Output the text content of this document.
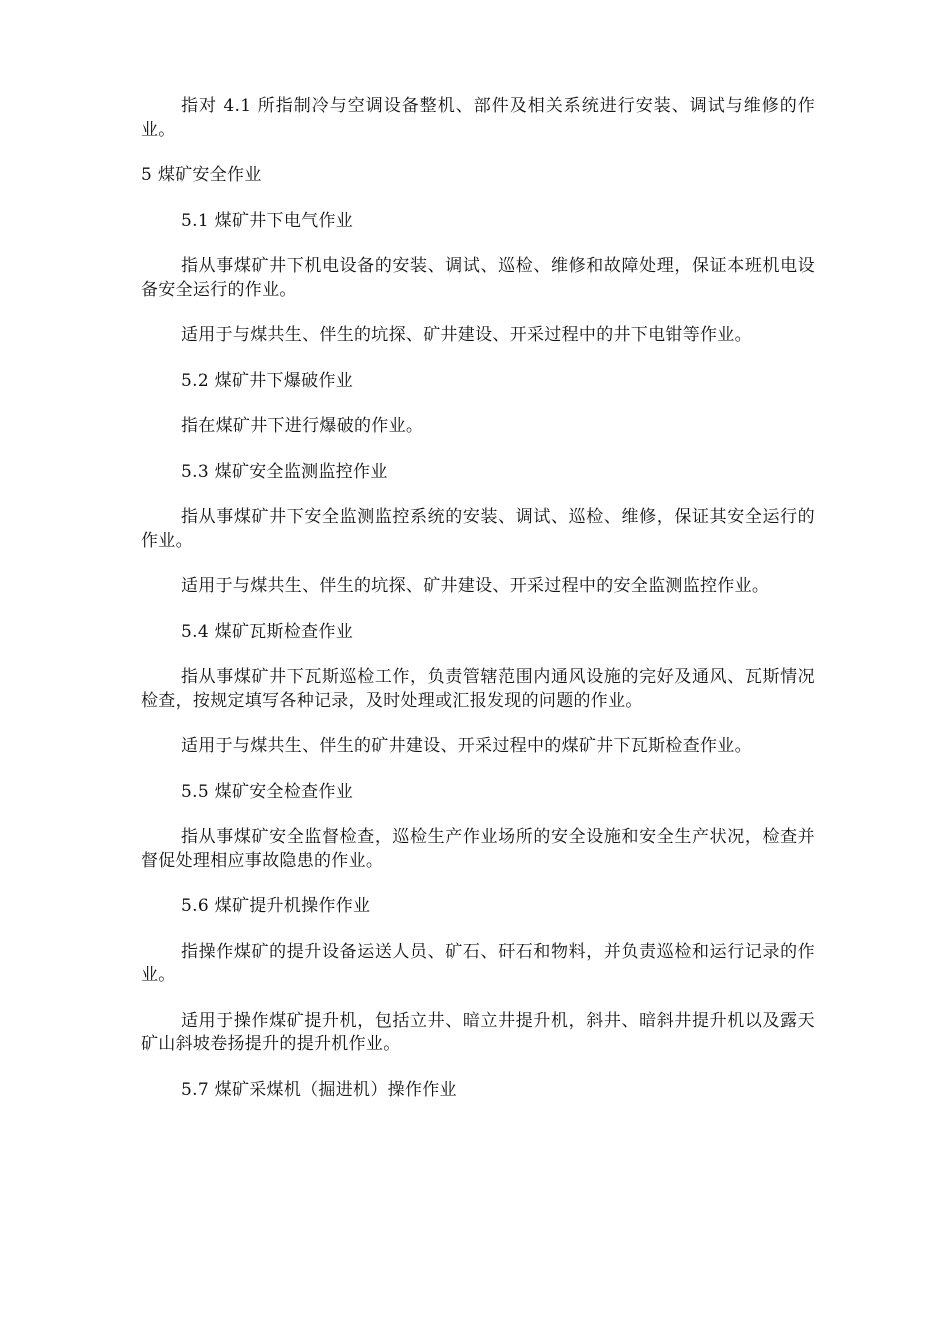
指对 4.1 所指制冷与空调设备整机、部件及相关系统进行安装、调试与维修的作业。

5 煤矿安全作业

5.1 煤矿井下电气作业

指从事煤矿井下机电设备的安装、调试、巡检、维修和故障处理，保证本班机电设备安全运行的作业。

适用于与煤共生、伴生的坑探、矿井建设、开采过程中的井下电钳等作业。

5.2 煤矿井下爆破作业

指在煤矿井下进行爆破的作业。

5.3 煤矿安全监测监控作业

指从事煤矿井下安全监测监控系统的安装、调试、巡检、维修，保证其安全运行的作业。

适用于与煤共生、伴生的坑探、矿井建设、开采过程中的安全监测监控作业。

5.4 煤矿瓦斯检查作业

指从事煤矿井下瓦斯巡检工作，负责管辖范围内通风设施的完好及通风、瓦斯情况检查，按规定填写各种记录，及时处理或汇报发现的问题的作业。

适用于与煤共生、伴生的矿井建设、开采过程中的煤矿井下瓦斯检查作业。

5.5 煤矿安全检查作业

指从事煤矿安全监督检查，巡检生产作业场所的安全设施和安全生产状况，检查并督促处理相应事故隐患的作业。

5.6 煤矿提升机操作作业

指操作煤矿的提升设备运送人员、矿石、矸石和物料，并负责巡检和运行记录的作业。

适用于操作煤矿提升机，包括立井、暗立井提升机，斜井、暗斜井提升机以及露天矿山斜坡卷扬提升的提升机作业。

5.7 煤矿采煤机（掘进机）操作作业
